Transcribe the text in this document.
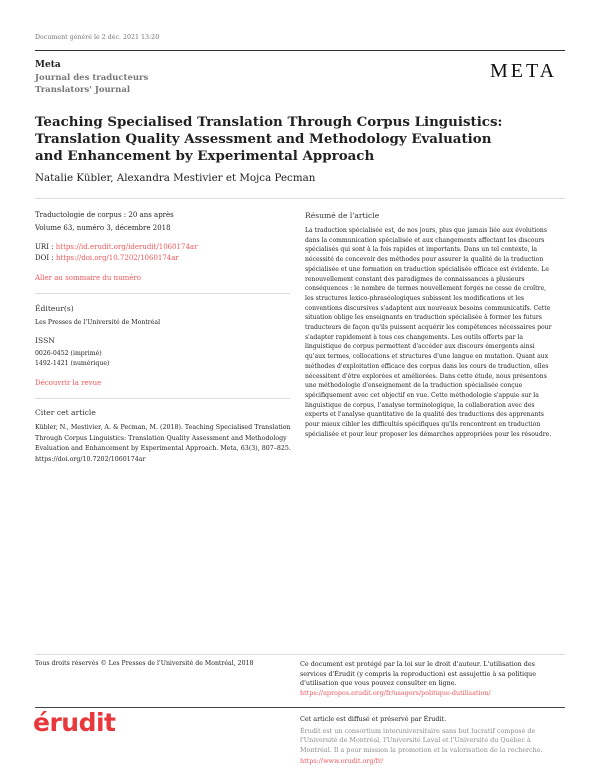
Document généré le 2 déc. 2021 13:20
Meta
Journal des traducteurs
Translators' Journal
META
Teaching Specialised Translation Through Corpus Linguistics:
Translation Quality Assessment and Methodology Evaluation
and Enhancement by Experimental Approach
Natalie Kübler, Alexandra Mestivier et Mojca Pecman
Traductologie de corpus : 20 ans après
Volume 63, numéro 3, décembre 2018
URI : https://id.erudit.org/iderudit/1060174ar
DOI : https://doi.org/10.7202/1060174ar
Aller au sommaire du numéro
Éditeur(s)
Les Presses de l'Université de Montréal
ISSN
0026-0452 (imprimé)
1492-1421 (numérique)
Découvrir la revue
Citer cet article
Kübler, N., Mestivier, A. & Pecman, M. (2018). Teaching Specialised Translation
Through Corpus Linguistics: Translation Quality Assessment and Methodology
Evaluation and Enhancement by Experimental Approach. Meta, 63(3), 807–825.
https://doi.org/10.7202/1060174ar
Résumé de l'article
La traduction spécialisée est, de nos jours, plus que jamais liée aux évolutions
dans la communication spécialisée et aux changements affectant les discours
spécialisés qui sont à la fois rapides et importants. Dans un tel contexte, la
nécessité de concevoir des méthodes pour assurer la qualité de la traduction
spécialisée et une formation en traduction spécialisée efficace est évidente. Le
renouvellement constant des paradigmes de connaissances a plusieurs
conséquences : le nombre de termes nouvellement forgés ne cesse de croître,
les structures lexico-phraséologiques subissent les modifications et les
conventions discursives s'adaptent aux nouveaux besoins communicatifs. Cette
situation oblige les enseignants en traduction spécialisée à former les futurs
traducteurs de façon qu'ils puissent acquérir les compétences nécessaires pour
s'adapter rapidement à tous ces changements. Les outils offerts par la
linguistique de corpus permettent d'accéder aux discours émergents ainsi
qu'aux termes, collocations et structures d'une langue en mutation. Quant aux
méthodes d'exploitation efficace des corpus dans les cours de traduction, elles
nécessitent d'être explorées et améliorées. Dans cette étude, nous présentons
une méthodologie d'enseignement de la traduction spécialisée conçue
spécifiquement avec cet objectif en vue. Cette méthodologie s'appuie sur la
linguistique de corpus, l'analyse terminologique, la collaboration avec des
experts et l'analyse quantitative de la qualité des traductions des apprenants
pour mieux cibler les difficultés spécifiques qu'ils rencontrent en traduction
spécialisée et pour leur proposer les démarches appropriées pour les résoudre.
Tous droits réservés © Les Presses de l'Université de Montréal, 2018	Ce document est protégé par la loi sur le droit d'auteur. L'utilisation des
services d'Érudit (y compris la reproduction) est assujettie à sa politique
d'utilisation que vous pouvez consulter en ligne.
https://apropos.erudit.org/fr/usagers/politique-dutilisation/
érudit	Cet article est diffusé et préservé par Érudit.
Érudit est un consortium interuniversitaire sans but lucratif composé de
l'Université de Montréal, l'Université Laval et l'Université du Québec à
Montréal. Il a pour mission la promotion et la valorisation de la recherche.
https://www.erudit.org/fr/
